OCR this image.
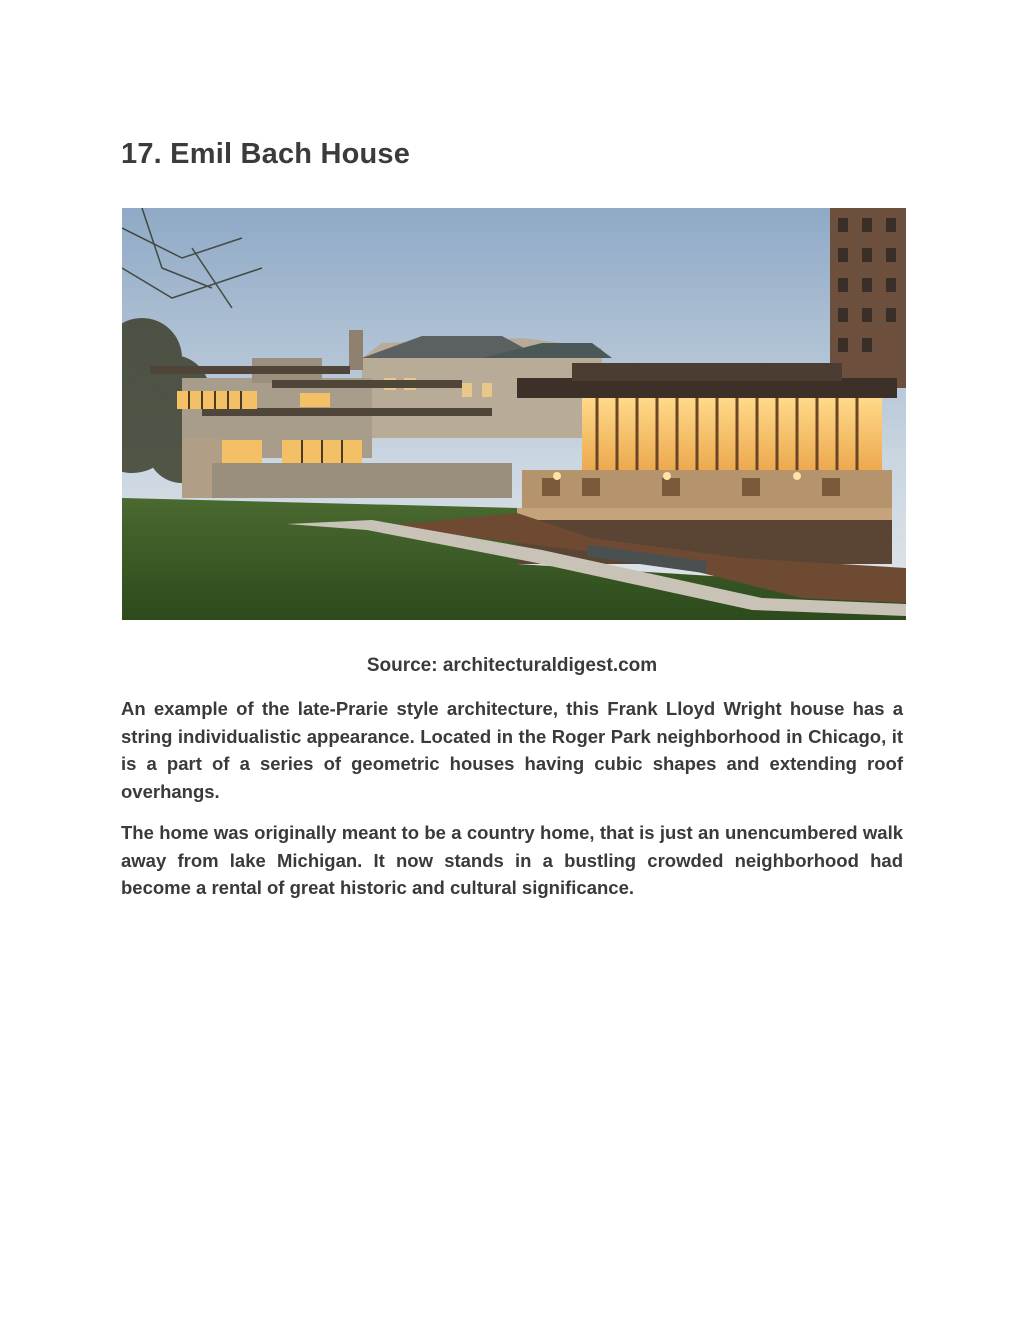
17. Emil Bach House

Source: architecturaldigest.com

An example of the late-Prarie style architecture, this Frank Lloyd Wright house has a string individualistic appearance. Located in the Roger Park neighborhood in Chicago, it is a part of a series of geometric houses having cubic shapes and extending roof overhangs.

The home was originally meant to be a country home, that is just an unencumbered walk away from lake Michigan. It now stands in a bustling crowded neighborhood had become a rental of great historic and cultural significance.
